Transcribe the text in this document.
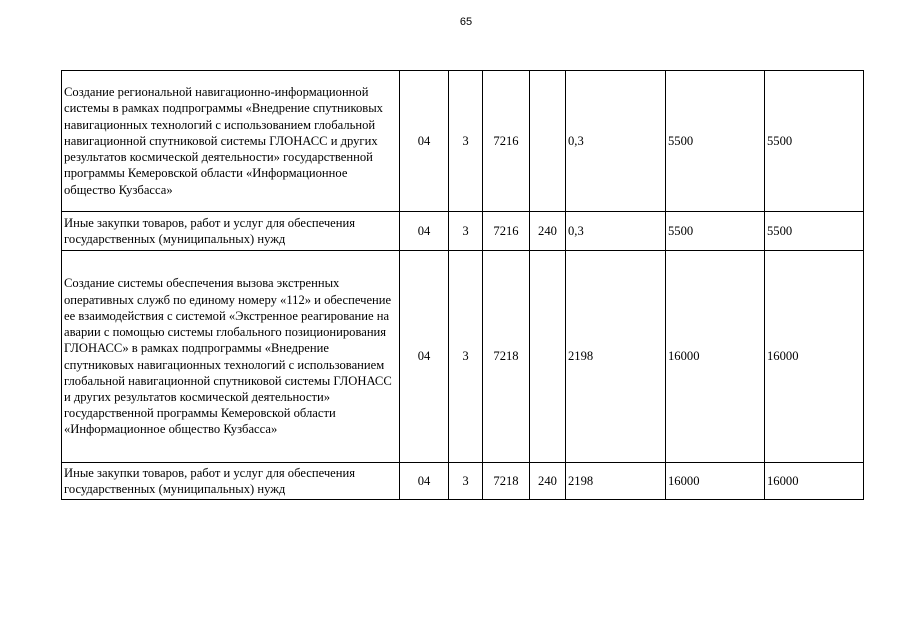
65
Создание региональной навигационно-информационной системы в рамках подпрограммы «Внедрение спутниковых навигационных технологий с использованием глобальной навигационной спутниковой системы ГЛОНАСС и других результатов космической деятельности» государственной программы Кемеровской области «Информационное общество Кузбасса»	04	3	7216		0,3	5500	5500
Иные закупки товаров, работ и услуг для обеспечения государственных (муниципальных) нужд	04	3	7216	240	0,3	5500	5500
Создание системы обеспечения вызова экстренных оперативных служб по единому номеру «112» и обеспечение ее взаимодействия с системой «Экстренное реагирование на аварии с помощью системы глобального позиционирования ГЛОНАСС» в рамках подпрограммы «Внедрение спутниковых навигационных технологий с использованием глобальной навигационной спутниковой системы ГЛОНАСС и других результатов космической деятельности» государственной программы Кемеровской области «Информационное общество Кузбасса»	04	3	7218		2198	16000	16000
Иные закупки товаров, работ и услуг для обеспечения государственных (муниципальных) нужд	04	3	7218	240	2198	16000	16000
